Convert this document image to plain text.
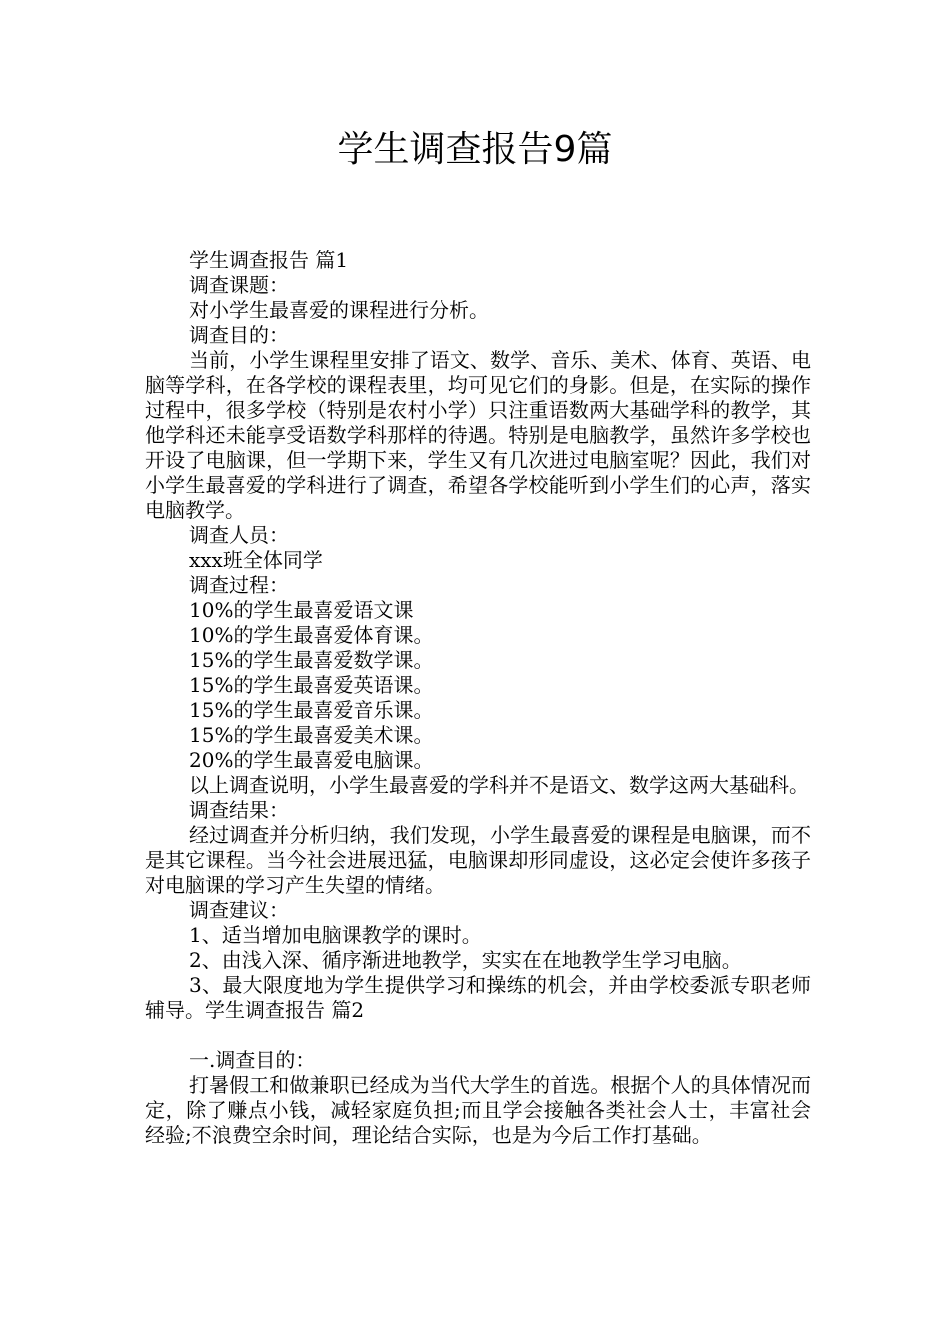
学生调查报告9篇

学生调查报告 篇1

调查课题：

对小学生最喜爱的课程进行分析。

调查目的：

当前，小学生课程里安排了语文、数学、音乐、美术、体育、英语、电脑等学科，在各学校的课程表里，均可见它们的身影。但是，在实际的操作过程中，很多学校（特别是农村小学）只注重语数两大基础学科的教学，其他学科还未能享受语数学科那样的待遇。特别是电脑教学，虽然许多学校也开设了电脑课，但一学期下来，学生又有几次进过电脑室呢？因此，我们对小学生最喜爱的学科进行了调查，希望各学校能听到小学生们的心声，落实电脑教学。

调查人员：

xxx班全体同学

调查过程：

10%的学生最喜爱语文课

10%的学生最喜爱体育课。

15%的学生最喜爱数学课。

15%的学生最喜爱英语课。

15%的学生最喜爱音乐课。

15%的学生最喜爱美术课。

20%的学生最喜爱电脑课。

以上调查说明，小学生最喜爱的学科并不是语文、数学这两大基础科。

调查结果：

经过调查并分析归纳，我们发现，小学生最喜爱的课程是电脑课，而不是其它课程。当今社会进展迅猛，电脑课却形同虚设，这必定会使许多孩子对电脑课的学习产生失望的情绪。

调查建议：

1、适当增加电脑课教学的课时。

2、由浅入深、循序渐进地教学，实实在在地教学生学习电脑。

3、最大限度地为学生提供学习和操练的机会，并由学校委派专职老师辅导。学生调查报告 篇2

一.调查目的：

打暑假工和做兼职已经成为当代大学生的首选。根据个人的具体情况而定，除了赚点小钱，减轻家庭负担;而且学会接触各类社会人士，丰富社会经验;不浪费空余时间，理论结合实际，也是为今后工作打基础。
